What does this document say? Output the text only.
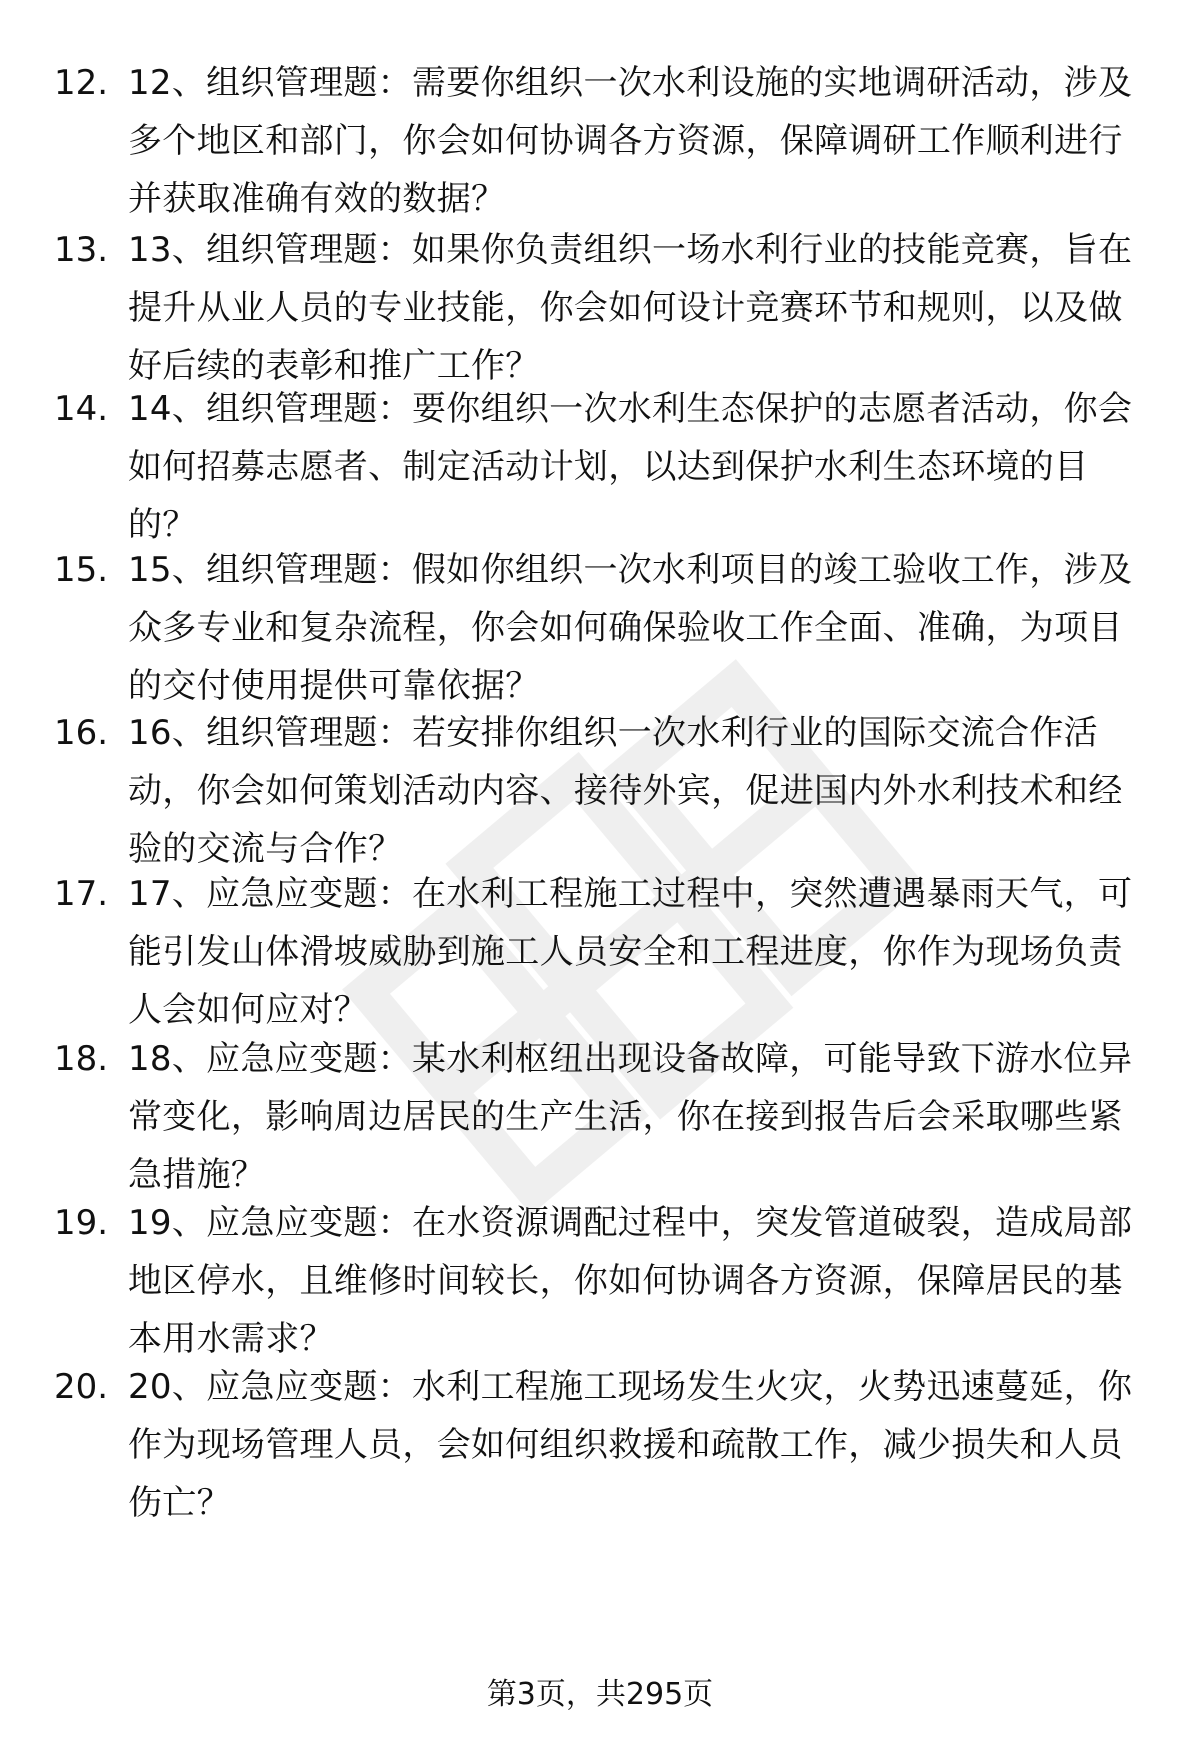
12. 12、组织管理题：需要你组织一次水利设施的实地调研活动，涉及多个地区和部门，你会如何协调各方资源，保障调研工作顺利进行并获取准确有效的数据？
13. 13、组织管理题：如果你负责组织一场水利行业的技能竞赛，旨在提升从业人员的专业技能，你会如何设计竞赛环节和规则，以及做好后续的表彰和推广工作？
14. 14、组织管理题：要你组织一次水利生态保护的志愿者活动，你会如何招募志愿者、制定活动计划，以达到保护水利生态环境的目的？
15. 15、组织管理题：假如你组织一次水利项目的竣工验收工作，涉及众多专业和复杂流程，你会如何确保验收工作全面、准确，为项目的交付使用提供可靠依据？
16. 16、组织管理题：若安排你组织一次水利行业的国际交流合作活动，你会如何策划活动内容、接待外宾，促进国内外水利技术和经验的交流与合作？
17. 17、应急应变题：在水利工程施工过程中，突然遭遇暴雨天气，可能引发山体滑坡威胁到施工人员安全和工程进度，你作为现场负责人会如何应对？
18. 18、应急应变题：某水利枢纽出现设备故障，可能导致下游水位异常变化，影响周边居民的生产生活，你在接到报告后会采取哪些紧急措施？
19. 19、应急应变题：在水资源调配过程中，突发管道破裂，造成局部地区停水，且维修时间较长，你如何协调各方资源，保障居民的基本用水需求？
20. 20、应急应变题：水利工程施工现场发生火灾，火势迅速蔓延，你作为现场管理人员，会如何组织救援和疏散工作，减少损失和人员伤亡？
第3页，共295页
